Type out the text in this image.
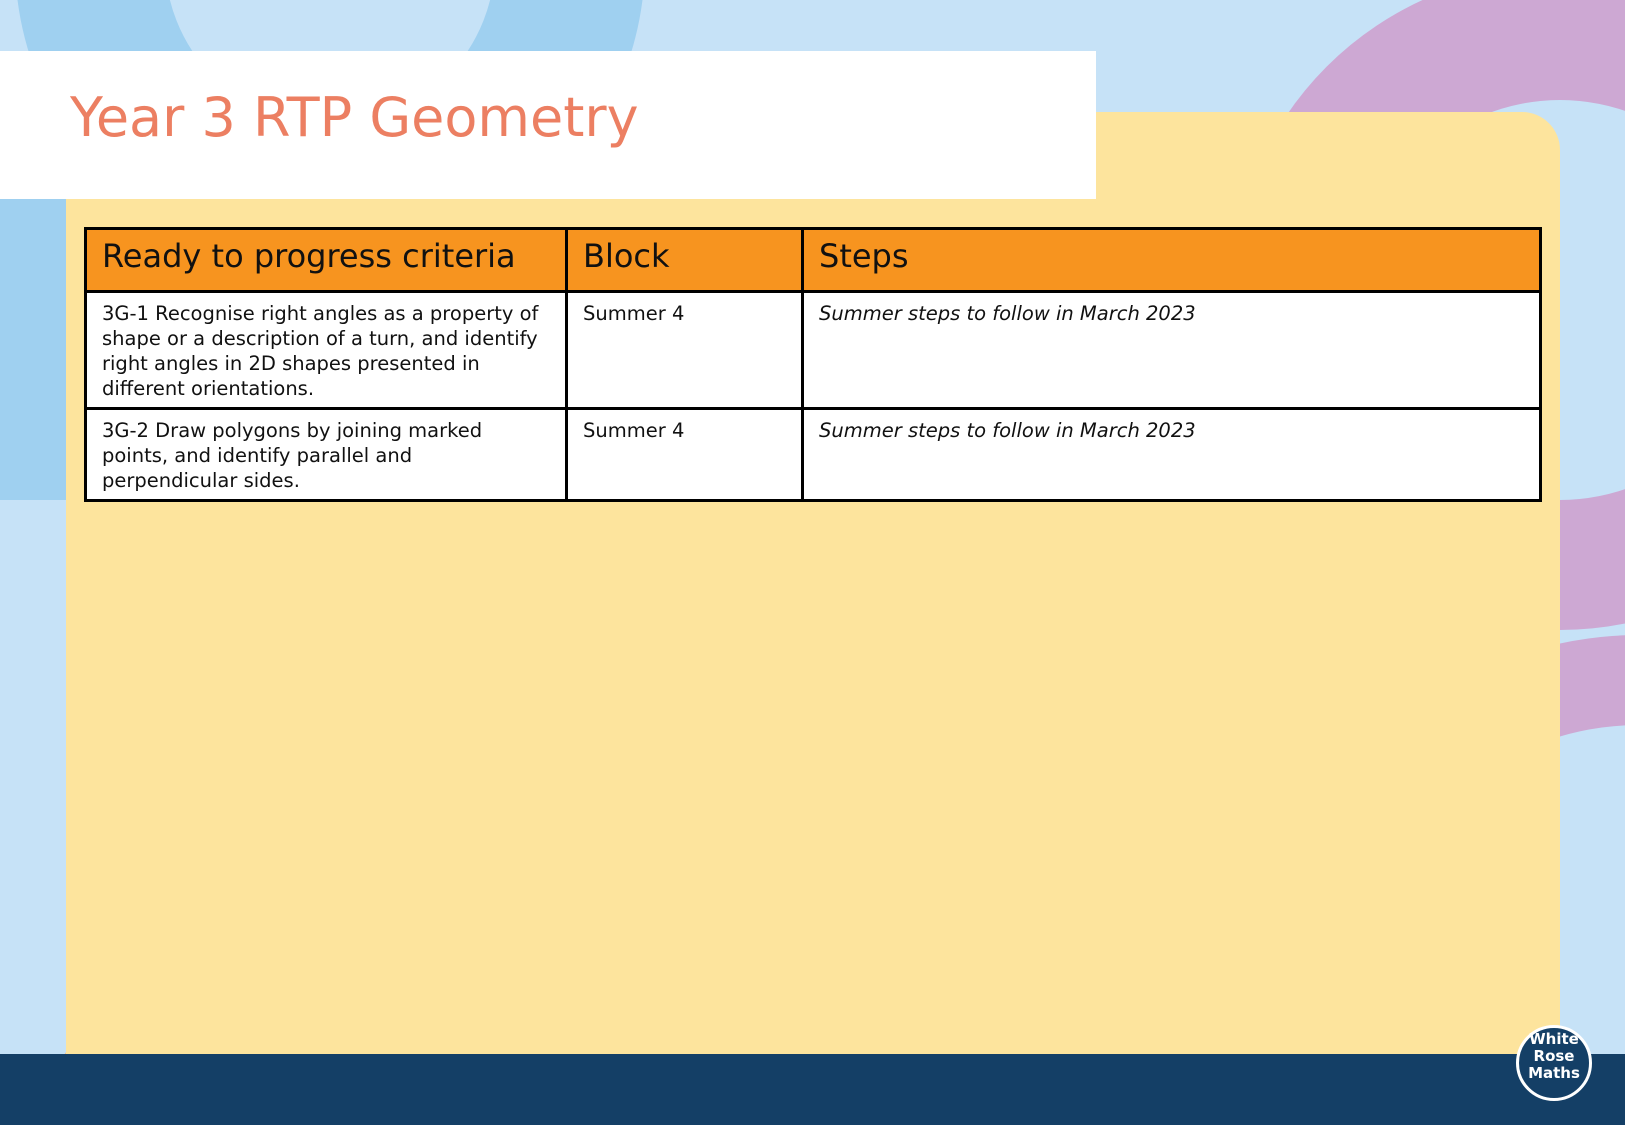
Year 3 RTP Geometry
Ready to progress criteria	Block	Steps
3G-1 Recognise right angles as a property of shape or a description of a turn, and identify right angles in 2D shapes presented in different orientations.	Summer 4	Summer steps to follow in March 2023
3G-2 Draw polygons by joining marked points, and identify parallel and perpendicular sides.	Summer 4	Summer steps to follow in March 2023
White
Rose
Maths
